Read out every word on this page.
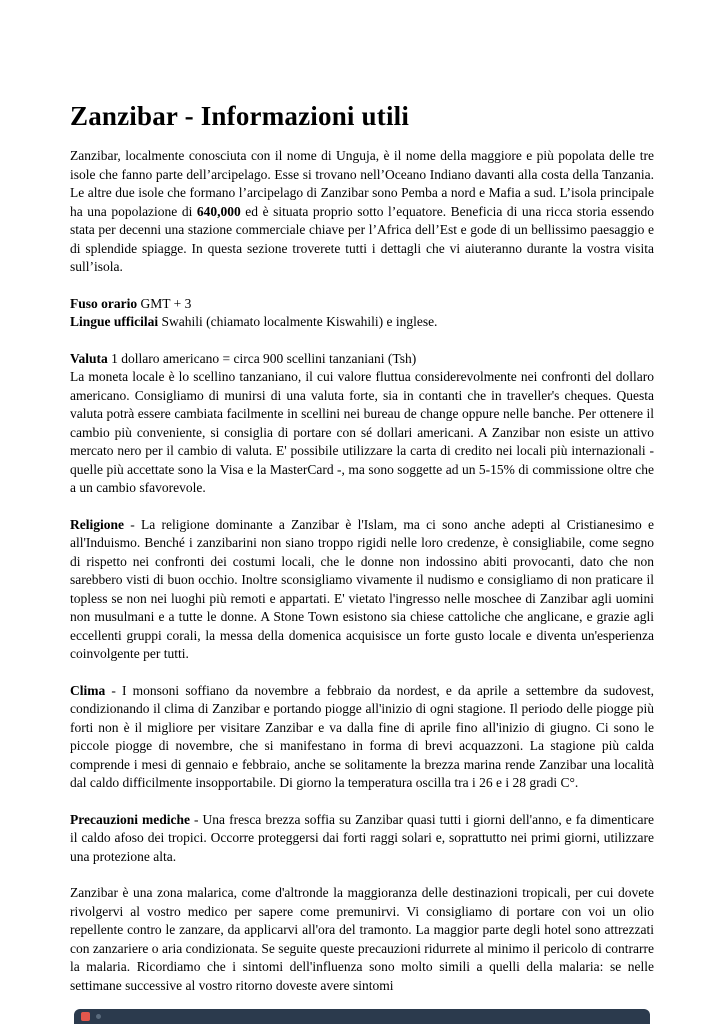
Zanzibar - Informazioni utili

Zanzibar, localmente conosciuta con il nome di Unguja, è il nome della maggiore e più popolata delle tre isole che fanno parte dell’arcipelago. Esse si trovano nell’Oceano Indiano davanti alla costa della Tanzania. Le altre due isole che formano l’arcipelago di Zanzibar sono Pemba a nord e Mafia a sud. L’isola principale ha una popolazione di 640,000 ed è situata proprio sotto l’equatore. Beneficia di una ricca storia essendo stata per decenni una stazione commerciale chiave per l’Africa dell’Est e gode di un bellissimo paesaggio e di splendide spiagge. In questa sezione troverete tutti i dettagli che vi aiuteranno durante la vostra visita sull’isola.

Fuso orario GMT + 3
Lingue ufficilai Swahili (chiamato localmente Kiswahili) e inglese.

Valuta 1 dollaro americano = circa 900 scellini tanzaniani (Tsh)
La moneta locale è lo scellino tanzaniano, il cui valore fluttua considerevolmente nei confronti del dollaro americano. Consigliamo di munirsi di una valuta forte, sia in contanti che in traveller's cheques. Questa valuta potrà essere cambiata facilmente in scellini nei bureau de change oppure nelle banche. Per ottenere il cambio più conveniente, si consiglia di portare con sé dollari americani. A Zanzibar non esiste un attivo mercato nero per il cambio di valuta. E' possibile utilizzare la carta di credito nei locali più internazionali - quelle più accettate sono la Visa e la MasterCard -, ma sono soggette ad un 5-15% di commissione oltre che a un cambio sfavorevole.

Religione - La religione dominante a Zanzibar è l'Islam, ma ci sono anche adepti al Cristianesimo e all'Induismo. Benché i zanzibarini non siano troppo rigidi nelle loro credenze, è consigliabile, come segno di rispetto nei confronti dei costumi locali, che le donne non indossino abiti provocanti, dato che non sarebbero visti di buon occhio. Inoltre sconsigliamo vivamente il nudismo e consigliamo di non praticare il topless se non nei luoghi più remoti e appartati. E' vietato l'ingresso nelle moschee di Zanzibar agli uomini non musulmani e a tutte le donne. A Stone Town esistono sia chiese cattoliche che anglicane, e grazie agli eccellenti gruppi corali, la messa della domenica acquisisce un forte gusto locale e diventa un'esperienza coinvolgente per tutti.

Clima - I monsoni soffiano da novembre a febbraio da nordest, e da aprile a settembre da sudovest, condizionando il clima di Zanzibar e portando piogge all'inizio di ogni stagione. Il periodo delle piogge più forti non è il migliore per visitare Zanzibar e va dalla fine di aprile fino all'inizio di giugno. Ci sono le piccole piogge di novembre, che si manifestano in forma di brevi acquazzoni. La stagione più calda comprende i mesi di gennaio e febbraio, anche se solitamente la brezza marina rende Zanzibar una località dal caldo difficilmente insopportabile. Di giorno la temperatura oscilla tra i 26 e i 28 gradi C°.

Precauzioni mediche - Una fresca brezza soffia su Zanzibar quasi tutti i giorni dell'anno, e fa dimenticare il caldo afoso dei tropici. Occorre proteggersi dai forti raggi solari e, soprattutto nei primi giorni, utilizzare una protezione alta.

Zanzibar è una zona malarica, come d'altronde la maggioranza delle destinazioni tropicali, per cui dovete rivolgervi al vostro medico per sapere come premunirvi. Vi consigliamo di portare con voi un olio repellente contro le zanzare, da applicarvi all'ora del tramonto. La maggior parte degli hotel sono attrezzati con zanzariere o aria condizionata. Se seguite queste precauzioni ridurrete al minimo il pericolo di contrarre la malaria. Ricordiamo che i sintomi dell'influenza sono molto simili a quelli della malaria: se nelle settimane successive al vostro ritorno doveste avere sintomi
